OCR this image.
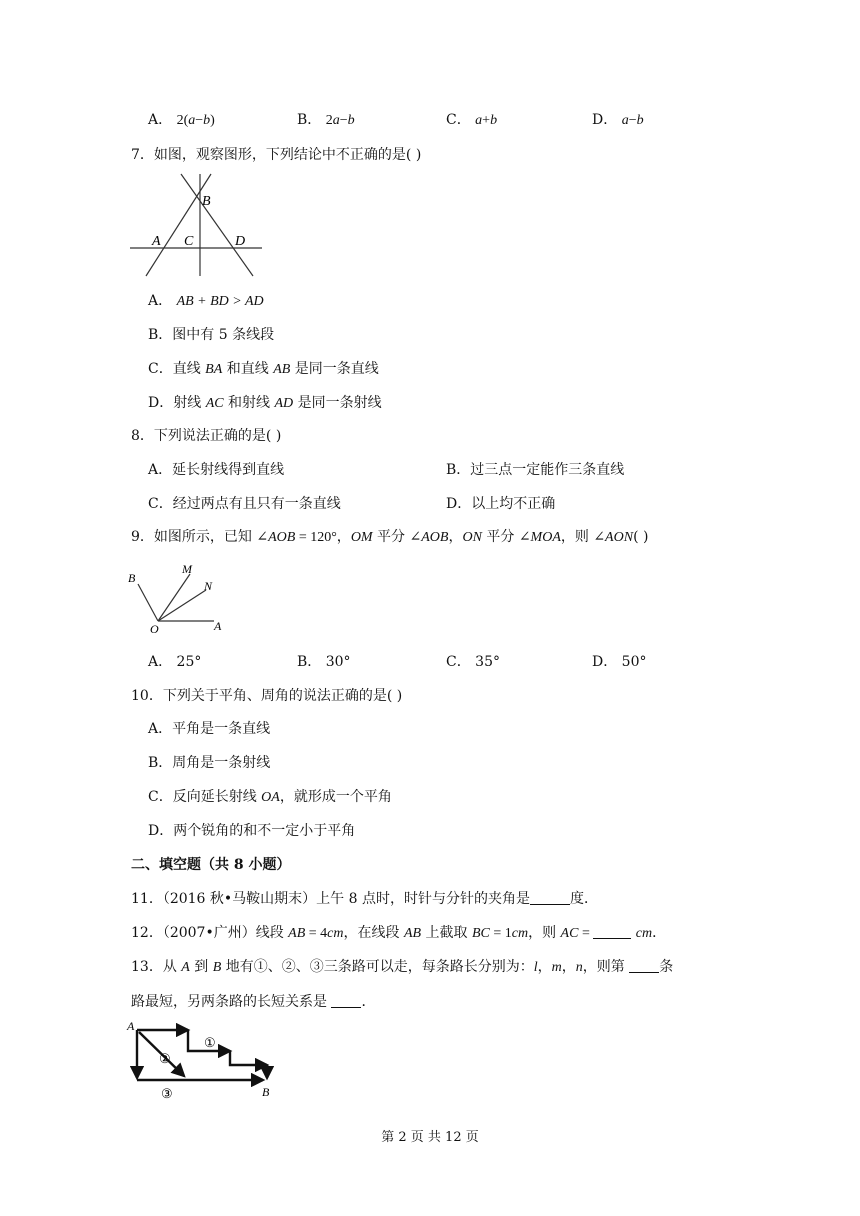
A． 2(a−b)	B． 2a−b	C． a+b	D． a−b
7．如图，观察图形，下列结论中不正确的是( )
B
A C	D
A． AB + BD > AD
B．图中有 5 条线段
C．直线 BA 和直线 AB 是同一条直线
D．射线 AC 和射线 AD 是同一条射线
8．下列说法正确的是( )
A．延长射线得到直线	B．过三点一定能作三条直线
C．经过两点有且只有一条直线	D．以上均不正确
9．如图所示，已知 ∠AOB = 120°，OM 平分 ∠AOB，ON 平分 ∠MOA，则 ∠AON( )
B
M
N
O	A
A． 25°	B． 30°	C． 35°	D． 50°
10．下列关于平角、周角的说法正确的是( )
A．平角是一条直线
B．周角是一条射线
C．反向延长射线 OA，就形成一个平角
D．两个锐角的和不一定小于平角
二、填空题（共 8 小题）
11．（2016 秋•马鞍山期末）上午 8 点时，时针与分针的夹角是	度．
12．（2007•广州）线段 AB = 4cm，在线段 AB 上截取 BC = 1cm，则 AC =	cm．
13．从 A 到 B 地有①、②、③三条路可以走，每条路长分别为：l，m，n，则第 条
路最短，另两条路的长短关系是 ．
A
B
①
②
③
第 2 页 共 12 页
